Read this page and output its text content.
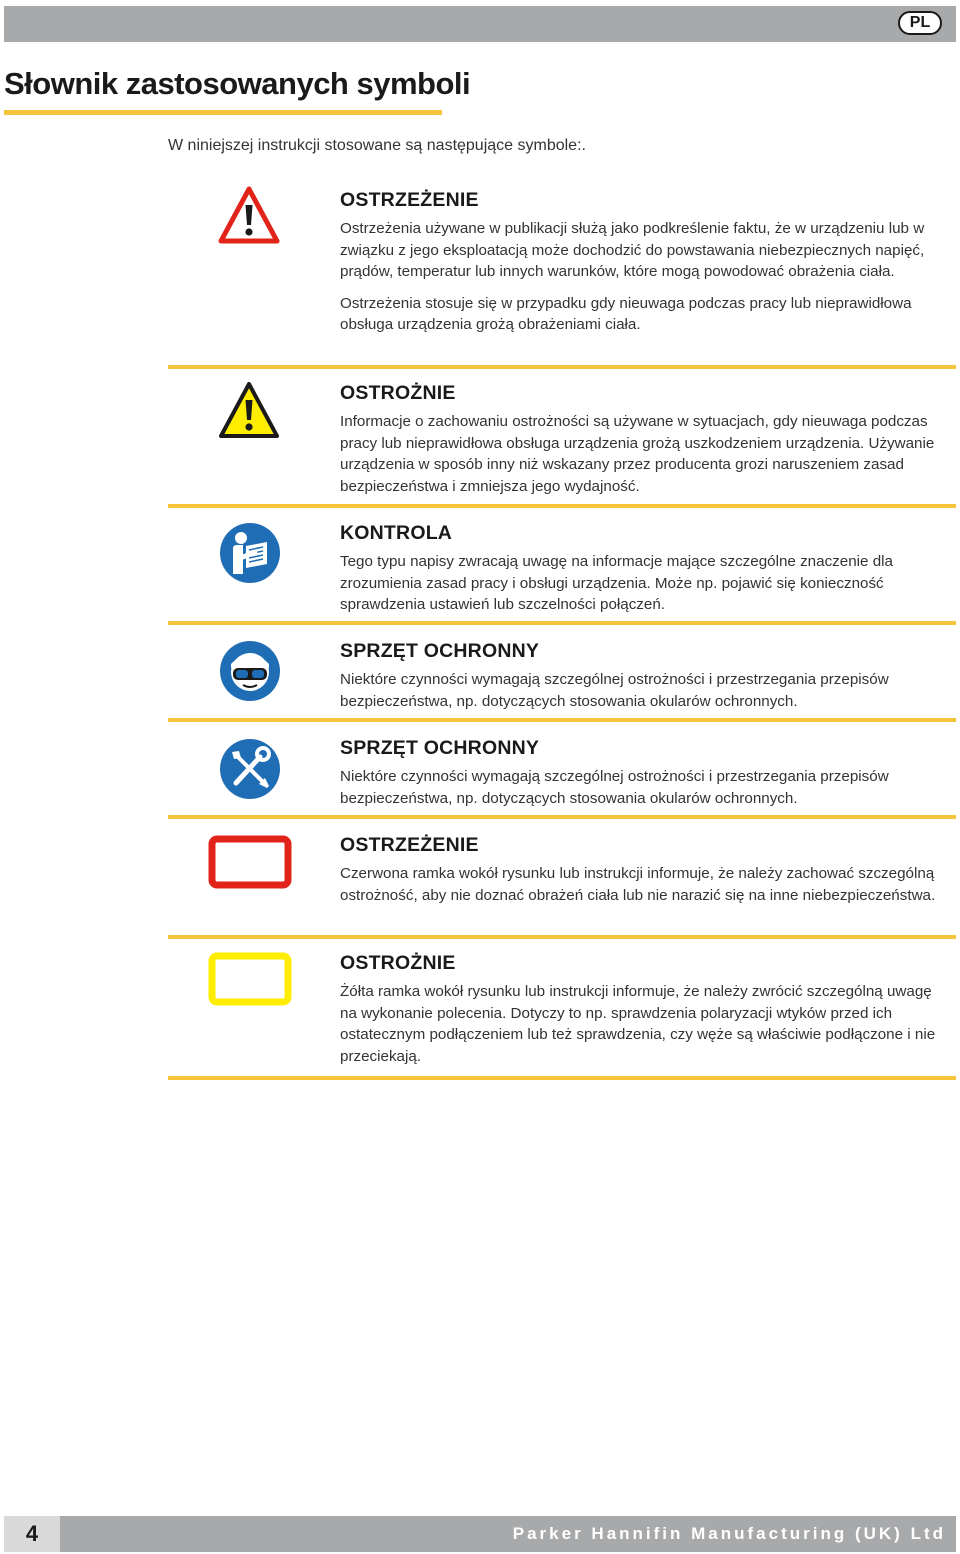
PL
Słownik zastosowanych symboli
W niniejszej instrukcji stosowane są następujące symbole:.
OSTRZEŻENIE

Ostrzeżenia używane w publikacji służą jako podkreślenie faktu, że w urządzeniu lub w związku z jego eksploatacją może dochodzić do powstawania niebezpiecznych napięć, prądów, temperatur lub innych warunków, które mogą powodować obrażenia ciała.

Ostrzeżenia stosuje się w przypadku gdy nieuwaga podczas pracy lub nieprawidłowa obsługa urządzenia grożą obrażeniami ciała.

OSTROŻNIE

Informacje o zachowaniu ostrożności są używane w sytuacjach, gdy nieuwaga podczas pracy lub nieprawidłowa obsługa urządzenia grożą uszkodzeniem urządzenia. Używanie urządzenia w sposób inny niż wskazany przez producenta grozi naruszeniem zasad bezpieczeństwa i zmniejsza jego wydajność.

KONTROLA

Tego typu napisy zwracają uwagę na informacje mające szczególne znaczenie dla zrozumienia zasad pracy i obsługi urządzenia. Może np. pojawić się konieczność sprawdzenia ustawień lub szczelności połączeń.

SPRZĘT OCHRONNY

Niektóre czynności wymagają szczególnej ostrożności i przestrzegania przepisów bezpieczeństwa, np. dotyczących stosowania okularów ochronnych.

SPRZĘT OCHRONNY

Niektóre czynności wymagają szczególnej ostrożności i przestrzegania przepisów bezpieczeństwa, np. dotyczących stosowania okularów ochronnych.

OSTRZEŻENIE

Czerwona ramka wokół rysunku lub instrukcji informuje, że należy zachować szczególną ostrożność, aby nie doznać obrażeń ciała lub nie narazić się na inne niebezpieczeństwa.

OSTROŻNIE

Żółta ramka wokół rysunku lub instrukcji informuje, że należy zwrócić szczególną uwagę na wykonanie polecenia. Dotyczy to np. sprawdzenia polaryzacji wtyków przed ich ostatecznym podłączeniem lub też sprawdzenia, czy węże są właściwie podłączone i nie przeciekają.

4	Parker Hannifin Manufacturing (UK) Ltd
